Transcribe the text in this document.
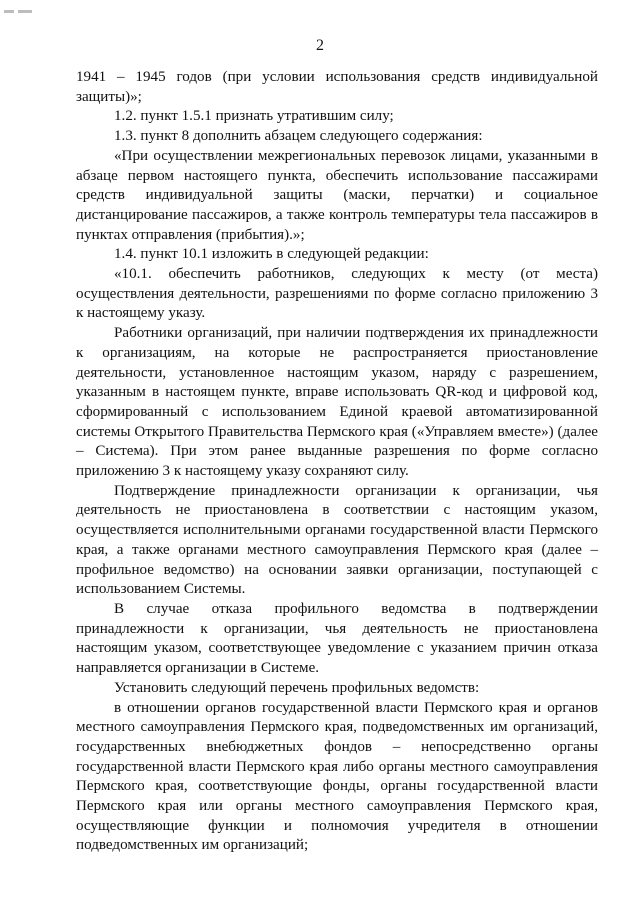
2

1941 – 1945 годов (при условии использования средств индивидуальной защиты)»;

1.2. пункт 1.5.1 признать утратившим силу;

1.3. пункт 8 дополнить абзацем следующего содержания:

«При осуществлении межрегиональных перевозок лицами, указанными в абзаце первом настоящего пункта, обеспечить использование пассажирами средств индивидуальной защиты (маски, перчатки) и социальное дистанцирование пассажиров, а также контроль температуры тела пассажиров в пунктах отправления (прибытия).»;

1.4. пункт 10.1 изложить в следующей редакции:

«10.1. обеспечить работников, следующих к месту (от места) осуществления деятельности, разрешениями по форме согласно приложению 3 к настоящему указу.

Работники организаций, при наличии подтверждения их принадлежности к организациям, на которые не распространяется приостановление деятельности, установленное настоящим указом, наряду с разрешением, указанным в настоящем пункте, вправе использовать QR-код и цифровой код, сформированный с использованием Единой краевой автоматизированной системы Открытого Правительства Пермского края («Управляем вместе») (далее – Система). При этом ранее выданные разрешения по форме согласно приложению 3 к настоящему указу сохраняют силу.

Подтверждение принадлежности организации к организации, чья деятельность не приостановлена в соответствии с настоящим указом, осуществляется исполнительными органами государственной власти Пермского края, а также органами местного самоуправления Пермского края (далее – профильное ведомство) на основании заявки организации, поступающей с использованием Системы.

В случае отказа профильного ведомства в подтверждении принадлежности к организации, чья деятельность не приостановлена настоящим указом, соответствующее уведомление с указанием причин отказа направляется организации в Системе.

Установить следующий перечень профильных ведомств:

в отношении органов государственной власти Пермского края и органов местного самоуправления Пермского края, подведомственных им организаций, государственных внебюджетных фондов – непосредственно органы государственной власти Пермского края либо органы местного самоуправления Пермского края, соответствующие фонды, органы государственной власти Пермского края или органы местного самоуправления Пермского края, осуществляющие функции и полномочия учредителя в отношении подведомственных им организаций;
